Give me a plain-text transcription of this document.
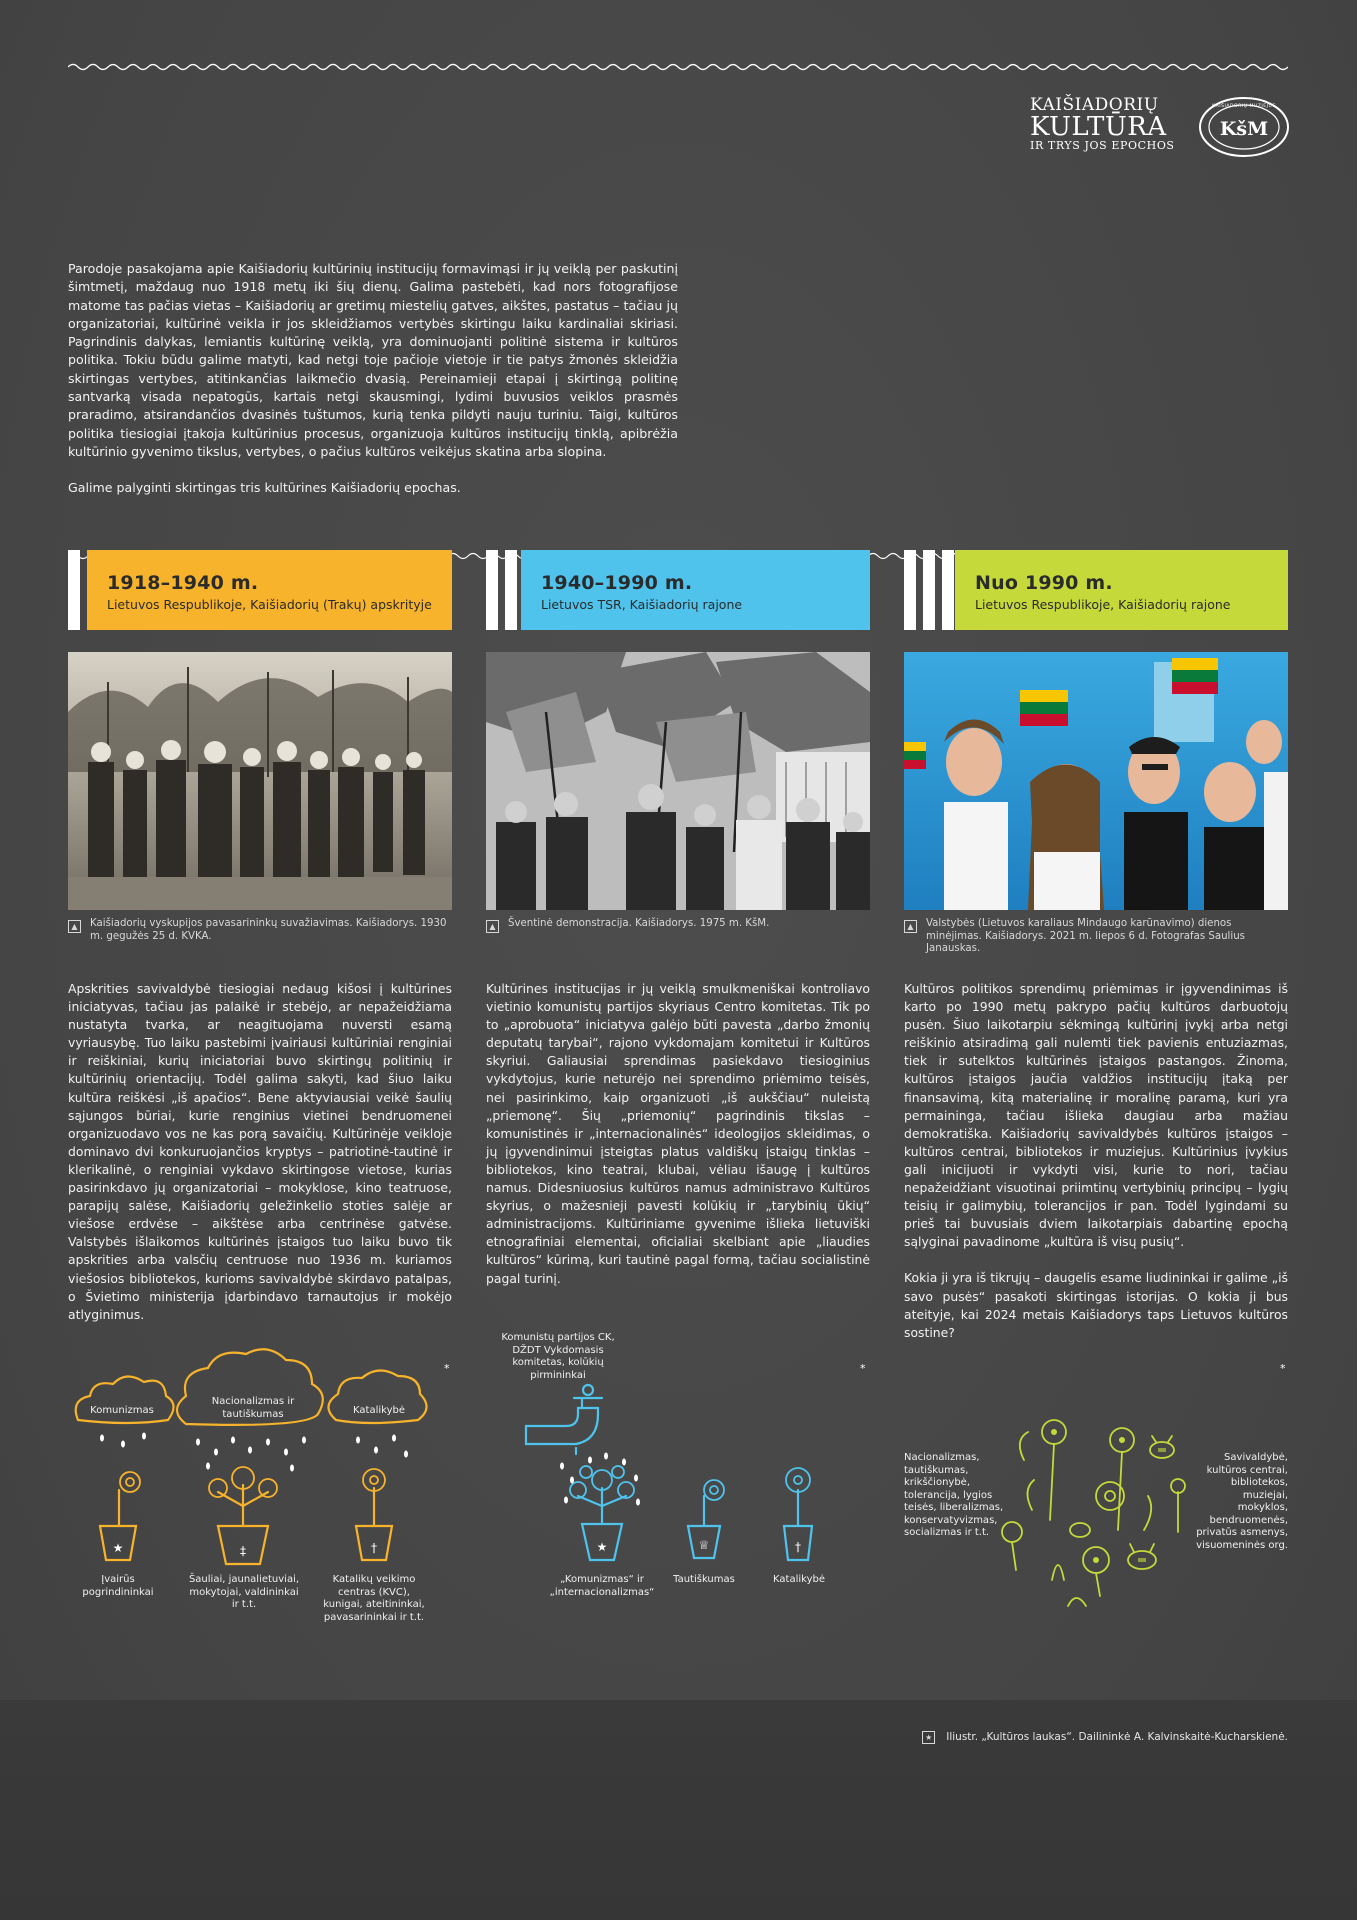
KAIŠIADORIŲ
KULTŪRA
IR TRYS JOS EPOCHOS
KšM
KAIŠIADORIŲ MUZIEJUS

Parodoje pasakojama apie Kaišiadorių kultūrinių institucijų formavimąsi ir jų veiklą per paskutinį šimtmetį, maždaug nuo 1918 metų iki šių dienų. Galima pastebėti, kad nors fotografijose matome tas pačias vietas – Kaišiadorių ar gretimų miestelių gatves, aikštes, pastatus – tačiau jų organizatoriai, kultūrinė veikla ir jos skleidžiamos vertybės skirtingu laiku kardinaliai skiriasi. Pagrindinis dalykas, lemiantis kultūrinę veiklą, yra dominuojanti politinė sistema ir kultūros politika. Tokiu būdu galime matyti, kad netgi toje pačioje vietoje ir tie patys žmonės skleidžia skirtingas vertybes, atitinkančias laikmečio dvasią. Pereinamieji etapai į skirtingą politinę santvarką visada nepatogūs, kartais netgi skausmingi, lydimi buvusios veiklos prasmės praradimo, atsirandančios dvasinės tuštumos, kurią tenka pildyti nauju turiniu. Taigi, kultūros politika tiesiogiai įtakoja kultūrinius procesus, organizuoja kultūros institucijų tinklą, apibrėžia kultūrinio gyvenimo tikslus, vertybes, o pačius kultūros veikėjus skatina arba slopina.

Galime palyginti skirtingas tris kultūrines Kaišiadorių epochas.

1918–1940 m.
Lietuvos Respublikoje, Kaišiadorių (Trakų) apskrityje
▲	Kaišiadorių vyskupijos pavasarininkų suvažiavimas. Kaišiadorys. 1930 m. gegužės 25 d. KVKA.

Apskrities savivaldybė tiesiogiai nedaug kišosi į kultūrines iniciatyvas, tačiau jas palaikė ir stebėjo, ar nepažeidžiama nustatyta tvarka, ar neagituojama nuversti esamą vyriausybę. Tuo laiku pastebimi įvairiausi kultūriniai renginiai ir reiškiniai, kurių iniciatoriai buvo skirtingų politinių ir kultūrinių orientacijų. Todėl galima sakyti, kad šiuo laiku kultūra reiškėsi „iš apačios“. Bene aktyviausiai veikė šaulių sąjungos būriai, kurie renginius vietinei bendruomenei organizuodavo vos ne kas porą savaičių. Kultūrinėje veikloje dominavo dvi konkuruojančios kryptys – patriotinė-tautinė ir klerikalinė, o renginiai vykdavo skirtingose vietose, kurias pasirinkdavo jų organizatoriai – mokyklose, kino teatruose, parapijų salėse, Kaišiadorių geležinkelio stoties salėje ar viešose erdvėse – aikštėse arba centrinėse gatvėse. Valstybės išlaikomos kultūrinės įstaigos tuo laiku buvo tik apskrities arba valsčių centruose nuo 1936 m. kuriamos viešosios bibliotekos, kurioms savivaldybė skirdavo patalpas, o Švietimo ministerija įdarbindavo tarnautojus ir mokėjo atlyginimus.

*
★	‡	†
Komunizmas
Nacionalizmas ir tautiškumas	Katalikybė
Įvairūs pogrindininkai
Šauliai, jaunalietuviai, mokytojai, valdininkai ir t.t.
Katalikų veikimo centras (KVC), kunigai, ateitininkai, pavasarininkai ir t.t.
1940–1990 m.
Lietuvos TSR, Kaišiadorių rajone
▲	Šventinė demonstracija. Kaišiadorys. 1975 m. KšM.

Kultūrines institucijas ir jų veiklą smulkmeniškai kontroliavo vietinio komunistų partijos skyriaus Centro komitetas. Tik po to „aprobuota“ iniciatyva galėjo būti pavesta „darbo žmonių deputatų tarybai“, rajono vykdomajam komitetui ir Kultūros skyriui. Galiausiai sprendimas pasiekdavo tiesioginius vykdytojus, kurie neturėjo nei sprendimo priėmimo teisės, nei pasirinkimo, kaip organizuoti „iš aukščiau“ nuleistą „priemonę“. Šių „priemonių“ pagrindinis tikslas – komunistinės ir „internacionalinės“ ideologijos skleidimas, o jų įgyvendinimui įsteigtas platus valdiškų įstaigų tinklas – bibliotekos, kino teatrai, klubai, vėliau išaugę į kultūros namus. Didesniuosius kultūros namus administravo Kultūros skyrius, o mažesnieji pavesti kolūkių ir „tarybinių ūkių“ administracijoms. Kultūriniame gyvenime išlieka lietuviški etnografiniai elementai, oficialiai skelbiant apie „liaudies kultūros“ kūrimą, kuri tautinė pagal formą, tačiau socialistinė pagal turinį.

*
★	♕	†
Komunistų partijos CK, DŽDT Vykdomasis komitetas, kolūkių pirmininkai
„Komunizmas“ ir „internacionalizmas“
Tautiškumas	Katalikybė
Nuo 1990 m.
Lietuvos Respublikoje, Kaišiadorių rajone
▲	Valstybės (Lietuvos karaliaus Mindaugo karūnavimo) dienos minėjimas. Kaišiadorys. 2021 m. liepos 6 d. Fotografas Saulius Janauskas.

Kultūros politikos sprendimų priėmimas ir įgyvendinimas iš karto po 1990 metų pakrypo pačių kultūros darbuotojų pusėn. Šiuo laikotarpiu sėkmingą kultūrinį įvykį arba netgi reiškinio atsiradimą gali nulemti tiek pavienis entuziazmas, tiek ir sutelktos kultūrinės įstaigos pastangos. Žinoma, kultūros įstaigos jaučia valdžios institucijų įtaką per finansavimą, kitą materialinę ir moralinę paramą, kuri yra permaininga, tačiau išlieka daugiau arba mažiau demokratiška. Kaišiadorių savivaldybės kultūros įstaigos – kultūros centrai, bibliotekos ir muziejus. Kultūrinius įvykius gali inicijuoti ir vykdyti visi, kurie to nori, tačiau nepažeidžiant visuotinai priimtinų vertybinių principų – lygių teisių ir galimybių, tolerancijos ir pan. Todėl lygindami su prieš tai buvusiais dviem laikotarpiais dabartinę epochą sąlyginai pavadinome „kultūra iš visų pusių“.

Kokia ji yra iš tikrųjų – daugelis esame liudininkai ir galime „iš savo pusės“ pasakoti skirtingas istorijas. O kokia ji bus ateityje, kai 2024 metais Kaišiadorys taps Lietuvos kultūros sostine?

*
Nacionalizmas, tautiškumas, krikščionybė, tolerancija, lygios teisės, liberalizmas, konservatyvizmas, socializmas ir t.t.
Savivaldybė, kultūros centrai, bibliotekos, muziejai, mokyklos, bendruomenės, privatūs asmenys, visuomeninės org.
★ Iliustr. „Kultūros laukas“. Dailininkė A. Kalvinskaitė-Kucharskienė.
